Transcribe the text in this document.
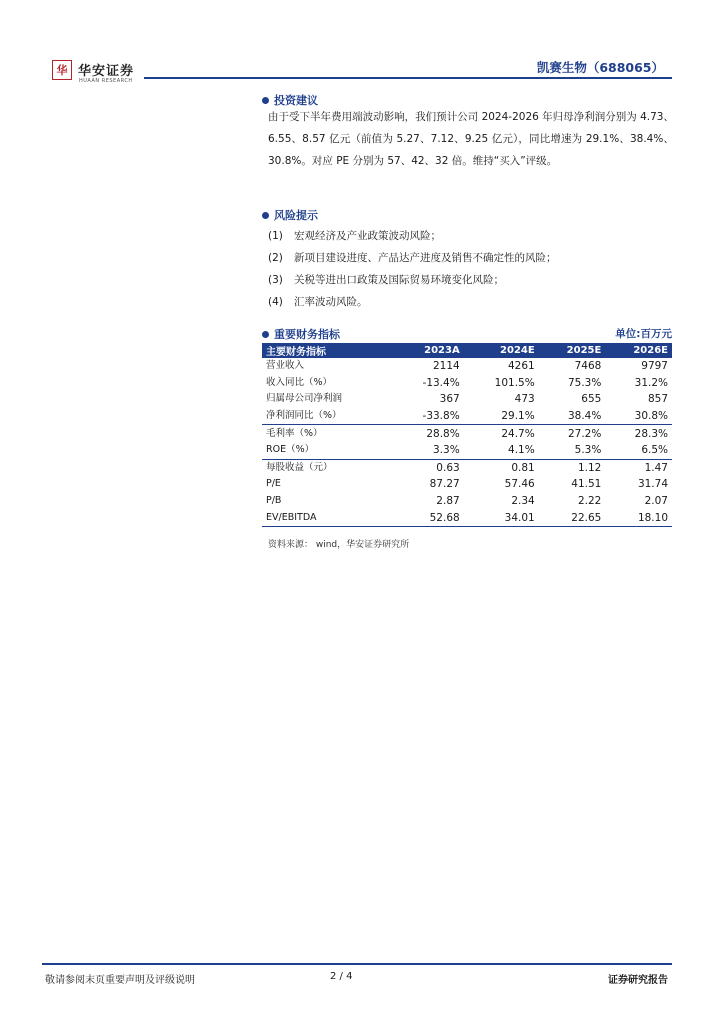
华 华安证券
HUAAN RESEARCH
凯赛生物（688065）
投资建议
由于受下半年费用端波动影响，我们预计公司 2024-2026 年归母净利润分别为 4.73、6.55、8.57 亿元（前值为 5.27、7.12、9.25 亿元），同比增速为 29.1%、38.4%、30.8%。对应 PE 分别为 57、42、32 倍。维持“买入”评级。
风险提示
(1)	宏观经济及产业政策波动风险；
(2)	新项目建设进度、产品达产进度及销售不确定性的风险；
(3)	关税等进出口政策及国际贸易环境变化风险；
(4)	汇率波动风险。
重要财务指标	单位:百万元
主要财务指标	2023A	2024E	2025E	2026E
营业收入	2114	4261	7468	9797
收入同比（%）	-13.4%	101.5%	75.3%	31.2%
归属母公司净利润	367	473	655	857
净利润同比（%）	-33.8%	29.1%	38.4%	30.8%
毛利率（%）	28.8%	24.7%	27.2%	28.3%
ROE（%）	3.3%	4.1%	5.3%	6.5%
每股收益（元）	0.63	0.81	1.12	1.47
P/E	87.27	57.46	41.51	31.74
P/B	2.87	2.34	2.22	2.07
EV/EBITDA	52.68	34.01	22.65	18.10
资料来源： wind，华安证券研究所
敬请参阅末页重要声明及评级说明	2 / 4	证券研究报告
